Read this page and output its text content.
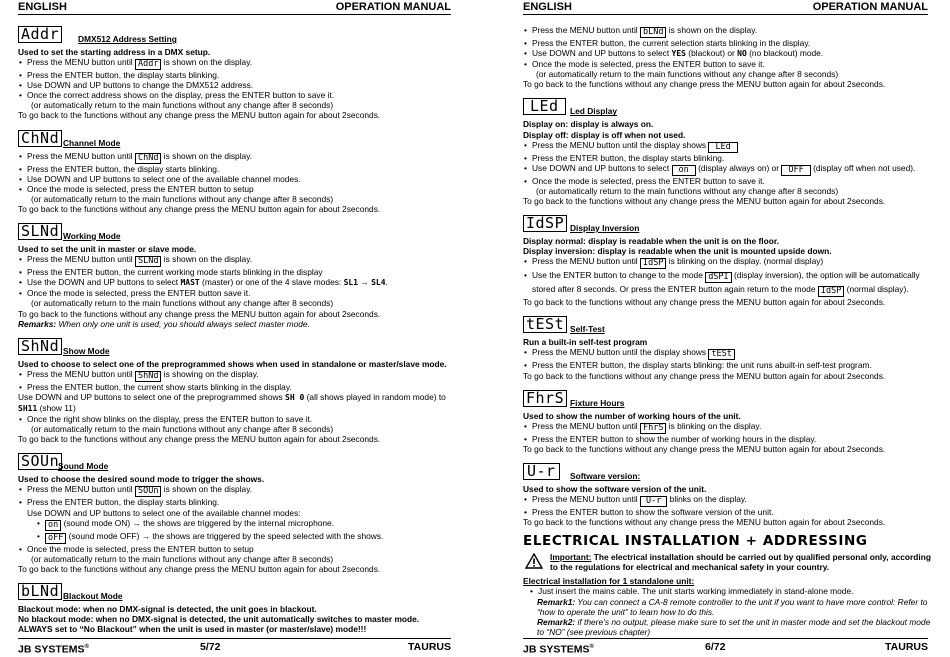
ENGLISH	OPERATION MANUAL
Addr	DMX512 Address Setting
Used to set the starting address in a DMX setup.
• Press the MENU button until Addr is shown on the display.
• Press the ENTER button, the display starts blinking.
• Use DOWN and UP buttons to change the DMX512 address.
• Once the correct address shows on the display, press the ENTER button to save it.
(or automatically return to the main functions without any change after 8 seconds)
To go back to the functions without any change press the MENU button again for about 2seconds.
ChNd Channel Mode
• Press the MENU button until ChNd is shown on the display.
• Press the ENTER button, the display starts blinking.
• Use DOWN and UP buttons to select one of the available channel modes.
• Once the mode is selected, press the ENTER button to setup
(or automatically return to the main functions without any change after 8 seconds)
To go back to the functions without any change press the MENU button again for about 2seconds.
SLNd Working Mode
Used to set the unit in master or slave mode.
• Press the MENU button until SLNd is shown on the display.
• Press the ENTER button, the current working mode starts blinking in the display
• Use the DOWN and UP buttons to select MAST (master) or one of the 4 slave modes: SL1 → SL4.
• Once the mode is selected, press the ENTER button save it.
(or automatically return to the main functions without any change after 8 seconds)
To go back to the functions without any change press the MENU button again for about 2seconds.
Remarks: When only one unit is used, you should always select master mode.
ShNd Show Mode
Used to choose to select one of the preprogrammed shows when used in standalone or master/slave mode.
• Press the MENU button until ShNd is showing on the display.
• Press the ENTER button, the current show starts blinking in the display.
Use DOWN and UP buttons to select one of the preprogrammed shows SH 0 (all shows played in random mode) to SH11 (show 11)
• Once the right show blinks on the display, press the ENTER button to save it.
(or automatically return to the main functions without any change after 8 seconds)
To go back to the functions without any change press the MENU button again for about 2seconds.
SOUn
Sound Mode
Used to choose the desired sound mode to trigger the shows.
• Press the MENU button until SOUn is shown on the display.
• Press the ENTER button, the display starts blinking.
Use DOWN and UP buttons to select one of the available channel modes:
• on (sound mode ON) → the shows are triggered by the internal microphone.
• oFF (sound mode OFF) → the shows are triggered by the speed selected with the shows.
• Once the mode is selected, press the ENTER button to setup
(or automatically return to the main functions without any change after 8 seconds)
To go back to the functions without any change press the MENU button again for about 2seconds.
bLNd Blackout Mode
Blackout mode: when no DMX-signal is detected, the unit goes in blackout.
No blackout mode: when no DMX-signal is detected, the unit automatically switches to master mode.
ALWAYS set to “No Blackout” when the unit is used in master (or master/slave) mode!!!
JB SYSTEMS®	5/72	TAURUS
ENGLISH	OPERATION MANUAL
• Press the MENU button until bLNd is shown on the display.
• Press the ENTER button, the current selection starts blinking in the display.
• Use DOWN and UP buttons to select YES (blackout) or NO (no blackout) mode.
• Once the mode is selected, press the ENTER button to save it.
(or automatically return to the main functions without any change after 8 seconds)
To go back to the functions without any change press the MENU button again for about 2seconds.
LEd	Led Display
Display on: display is always on.
Display off: display is off when not used.
• Press the MENU button until the display shows LEd
• Press the ENTER button, the display starts blinking.
• Use DOWN and UP buttons to select on (display always on) or OFF (display off when not used).
• Once the mode is selected, press the ENTER button to save it.
(or automatically return to the main functions without any change after 8 seconds)
To go back to the functions without any change press the MENU button again for about 2seconds.
IdSP Display Inversion
Display normal: display is readable when the unit is on the floor.
Display inversion: display is readable when the unit is mounted upside down.
• Press the MENU button until IdSP is blinking on the display. (normal display)
• Use the ENTER button to change to the mode dSPI (display inversion), the option will be automatically stored after 8 seconds. Or press the ENTER button again return to the mode IdSP (normal display).
To go back to the functions without any change press the MENU button again for about 2seconds.
tESt Self-Test
Run a built-in self-test program
• Press the MENU button until the display shows tESt
• Press the ENTER button, the display starts blinking: the unit runs abuilt-in self-test program.
To go back to the functions without any change press the MENU button again for about 2seconds.
FhrS Fixture Hours
Used to show the number of working hours of the unit.
• Press the MENU button until FhrS is blinking on the display.
• Press the ENTER button to show the number of working hours in the display.
To go back to the functions without any change press the MENU button again for about 2seconds.
U-r	Software version:
Used to show the software version of the unit.
• Press the MENU button until U-r blinks on the display.
• Press the ENTER button to show the software version of the unit.
To go back to the functions without any change press the MENU button again for about 2seconds.
ELECTRICAL INSTALLATION + ADDRESSING
Important: The electrical installation should be carried out by qualified personal only, according to the regulations for electrical and mechanical safety in your country.
Electrical installation for 1 standalone unit:
• Just insert the mains cable. The unit starts working immediately in stand-alone mode.
Remark1: You can connect a CA-8 remote controller to the unit if you want to have more control: Refer to “how to operate the unit” to learn how to do this.
Remark2: if there’s no output, please make sure to set the unit in master mode and set the blackout mode to “NO” (see previous chapter)
JB SYSTEMS®	6/72	TAURUS
